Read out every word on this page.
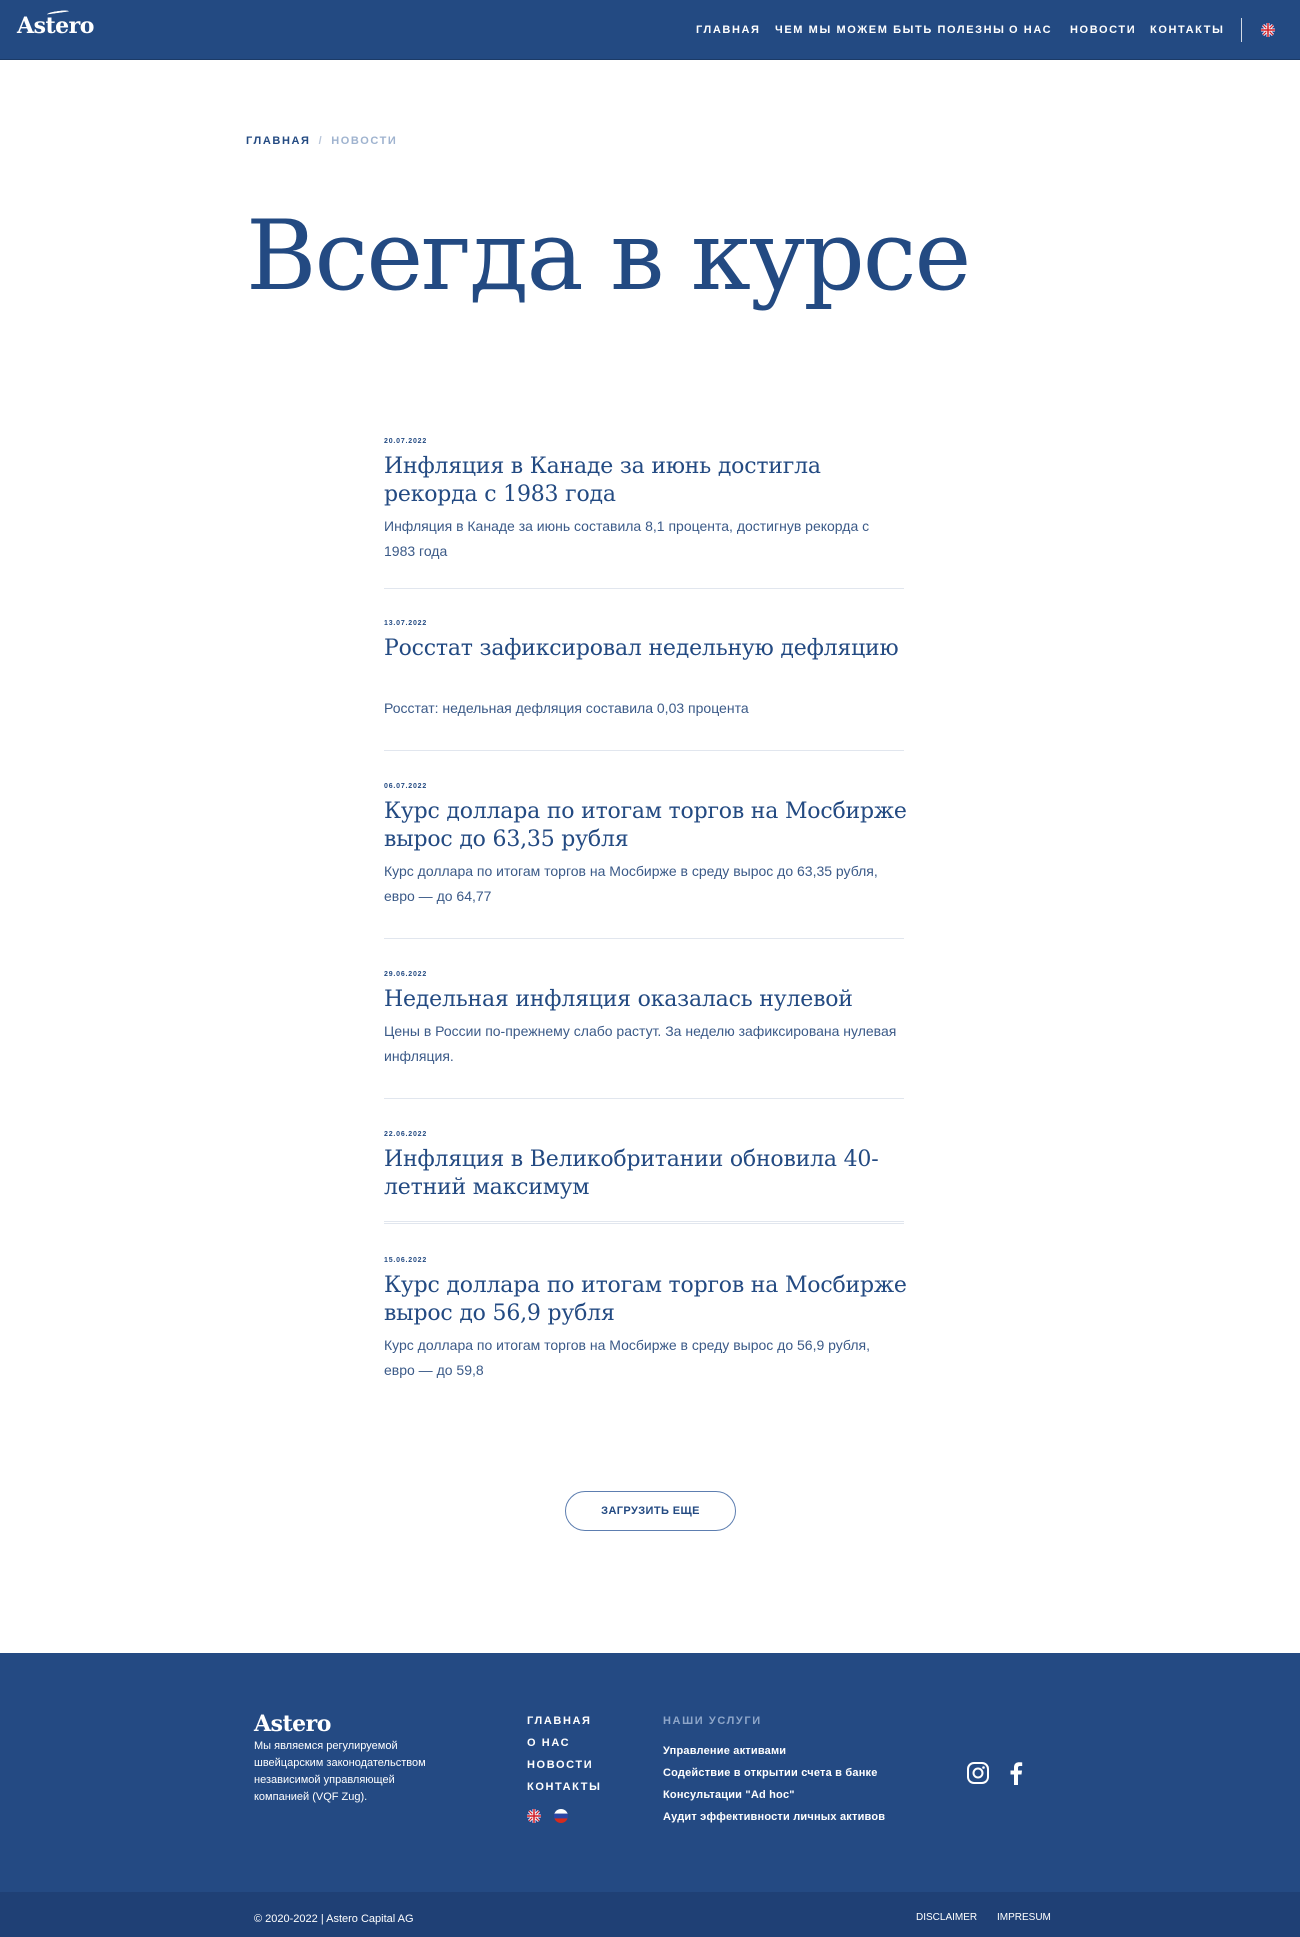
Astero	ГЛАВНАЯ ЧЕМ МЫ МОЖЕМ БЫТЬ ПОЛЕЗНЫ О НАС НОВОСТИ КОНТАКТЫ
ГЛАВНАЯ / НОВОСТИ
Всегда в курсе
20.07.2022
Инфляция в Канаде за июнь достигла рекорда с 1983 года

Инфляция в Канаде за июнь составила 8,1 процента, достигнув рекорда с 1983 года

13.07.2022
Росстат зафиксировал недельную дефляцию

Росстат: недельная дефляция составила 0,03 процента

06.07.2022
Курс доллара по итогам торгов на Мосбирже вырос до 63,35 рубля

Курс доллара по итогам торгов на Мосбирже в среду вырос до 63,35 рубля, евро — до 64,77

29.06.2022
Недельная инфляция оказалась нулевой

Цены в России по-прежнему слабо растут. За неделю зафиксирована нулевая инфляция.

22.06.2022
Инфляция в Великобритании обновила 40-летний максимум
15.06.2022
Курс доллара по итогам торгов на Мосбирже вырос до 56,9 рубля

Курс доллара по итогам торгов на Мосбирже в среду вырос до 56,9 рубля, евро — до 59,8

ЗАГРУЗИТЬ ЕЩЕ
Astero

Мы являемся регулируемой швейцарским законодательством независимой управляющей компанией (VQF Zug).

ГЛАВНАЯ
О НАС
НОВОСТИ
КОНТАКТЫ
НАШИ УСЛУГИ
Управление активами
Содействие в открытии счета в банке
Консультации "Ad hoc"
Аудит эффективности личных активов
© 2020-2022 | Astero Capital AG	DISCLAIMER IMPRESUM
